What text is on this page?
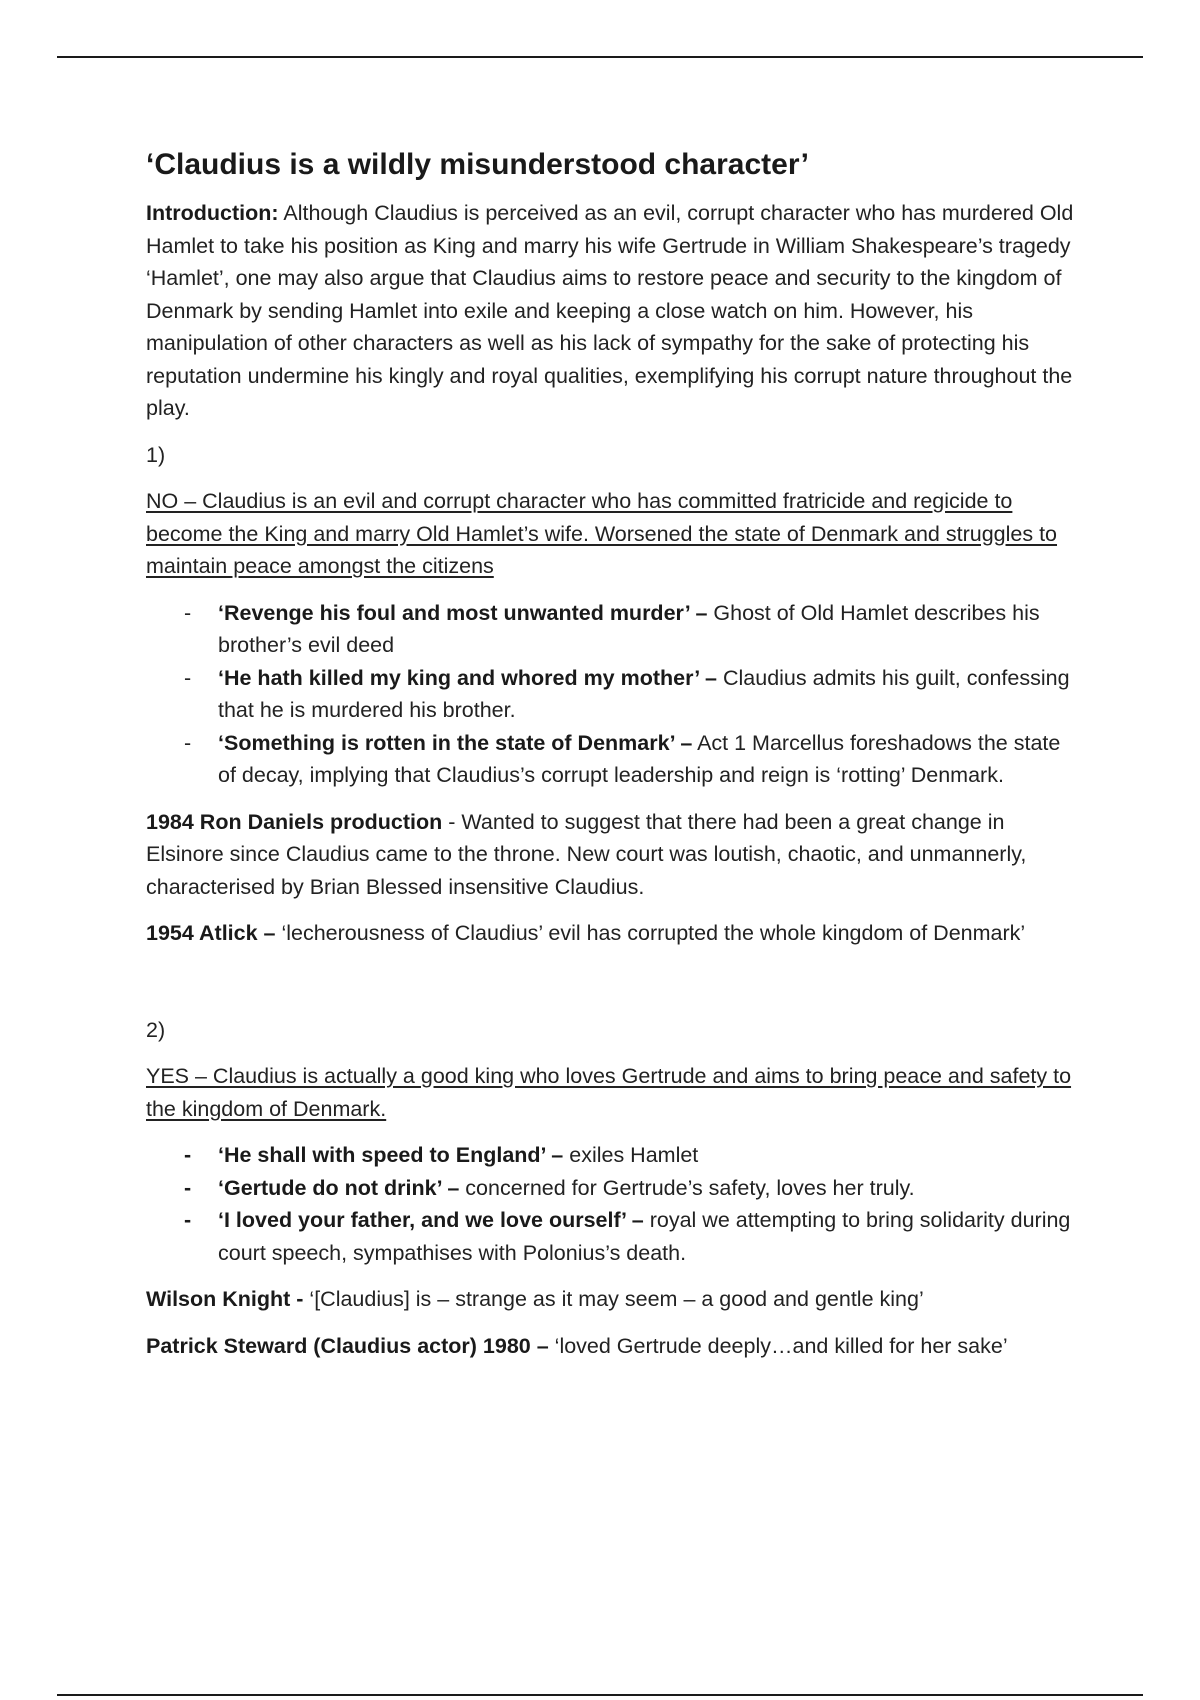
‘Claudius is a wildly misunderstood character’

Introduction: Although Claudius is perceived as an evil, corrupt character who has murdered Old Hamlet to take his position as King and marry his wife Gertrude in William Shakespeare’s tragedy ‘Hamlet’, one may also argue that Claudius aims to restore peace and security to the kingdom of Denmark by sending Hamlet into exile and keeping a close watch on him. However, his manipulation of other characters as well as his lack of sympathy for the sake of protecting his reputation undermine his kingly and royal qualities, exemplifying his corrupt nature throughout the play.

1)

NO – Claudius is an evil and corrupt character who has committed fratricide and regicide to become the King and marry Old Hamlet’s wife. Worsened the state of Denmark and struggles to maintain peace amongst the citizens

- ‘Revenge his foul and most unwanted murder’ – Ghost of Old Hamlet describes his brother’s evil deed
- ‘He hath killed my king and whored my mother’ – Claudius admits his guilt, confessing that he is murdered his brother.
- ‘Something is rotten in the state of Denmark’ – Act 1 Marcellus foreshadows the state of decay, implying that Claudius’s corrupt leadership and reign is ‘rotting’ Denmark.

1984 Ron Daniels production - Wanted to suggest that there had been a great change in Elsinore since Claudius came to the throne. New court was loutish, chaotic, and unmannerly, characterised by Brian Blessed insensitive Claudius.

1954 Atlick – ‘lecherousness of Claudius’ evil has corrupted the whole kingdom of Denmark’

2)

YES – Claudius is actually a good king who loves Gertrude and aims to bring peace and safety to the kingdom of Denmark.

- ‘He shall with speed to England’ – exiles Hamlet
- ‘Gertude do not drink’ – concerned for Gertrude’s safety, loves her truly.
- ‘I loved your father, and we love ourself’ – royal we attempting to bring solidarity during court speech, sympathises with Polonius’s death.

Wilson Knight - ‘[Claudius] is – strange as it may seem – a good and gentle king’

Patrick Steward (Claudius actor) 1980 – ‘loved Gertrude deeply…and killed for her sake’
